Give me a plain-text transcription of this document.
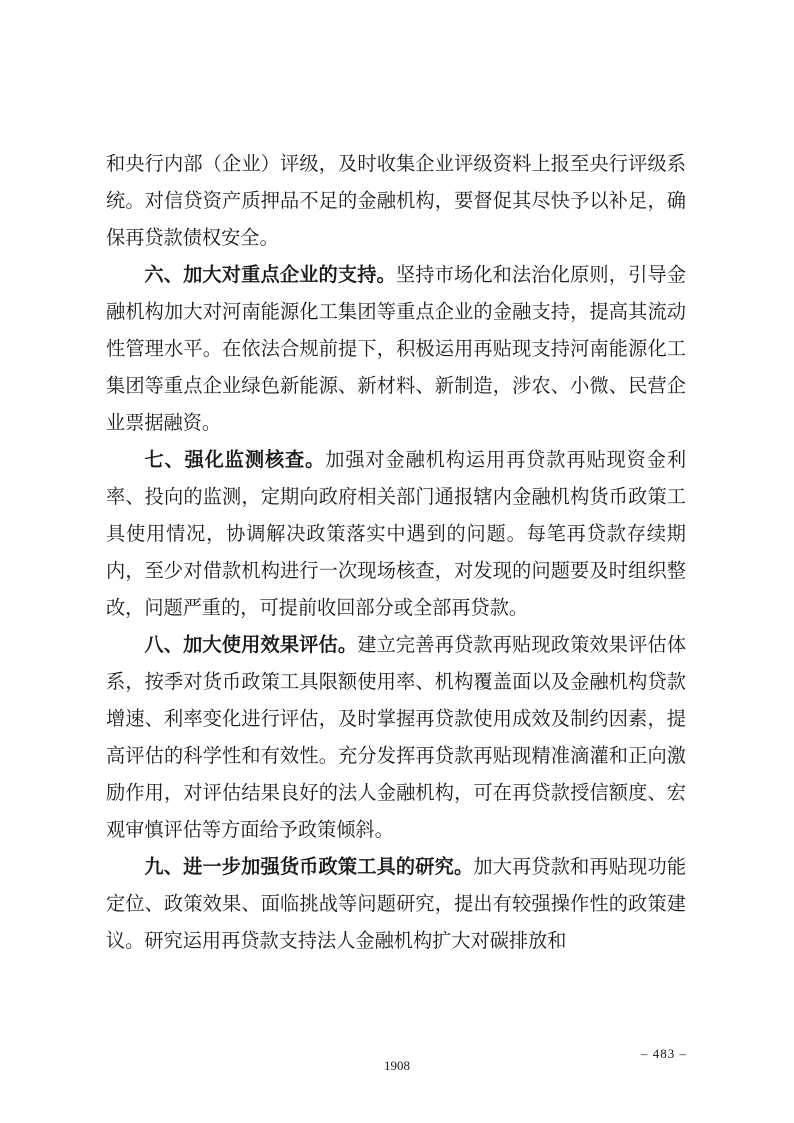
和央行内部（企业）评级，及时收集企业评级资料上报至央行评级系统。对信贷资产质押品不足的金融机构，要督促其尽快予以补足，确保再贷款债权安全。

六、加大对重点企业的支持。坚持市场化和法治化原则，引导金融机构加大对河南能源化工集团等重点企业的金融支持，提高其流动性管理水平。在依法合规前提下，积极运用再贴现支持河南能源化工集团等重点企业绿色新能源、新材料、新制造，涉农、小微、民营企业票据融资。

七、强化监测核查。加强对金融机构运用再贷款再贴现资金利率、投向的监测，定期向政府相关部门通报辖内金融机构货币政策工具使用情况，协调解决政策落实中遇到的问题。每笔再贷款存续期内，至少对借款机构进行一次现场核查，对发现的问题要及时组织整改，问题严重的，可提前收回部分或全部再贷款。

八、加大使用效果评估。建立完善再贷款再贴现政策效果评估体系，按季对货币政策工具限额使用率、机构覆盖面以及金融机构贷款增速、利率变化进行评估，及时掌握再贷款使用成效及制约因素，提高评估的科学性和有效性。充分发挥再贷款再贴现精准滴灌和正向激励作用，对评估结果良好的法人金融机构，可在再贷款授信额度、宏观审慎评估等方面给予政策倾斜。

九、进一步加强货币政策工具的研究。加大再贷款和再贴现功能定位、政策效果、面临挑战等问题研究，提出有较强操作性的政策建议。研究运用再贷款支持法人金融机构扩大对碳排放和

– 483 –
1908
